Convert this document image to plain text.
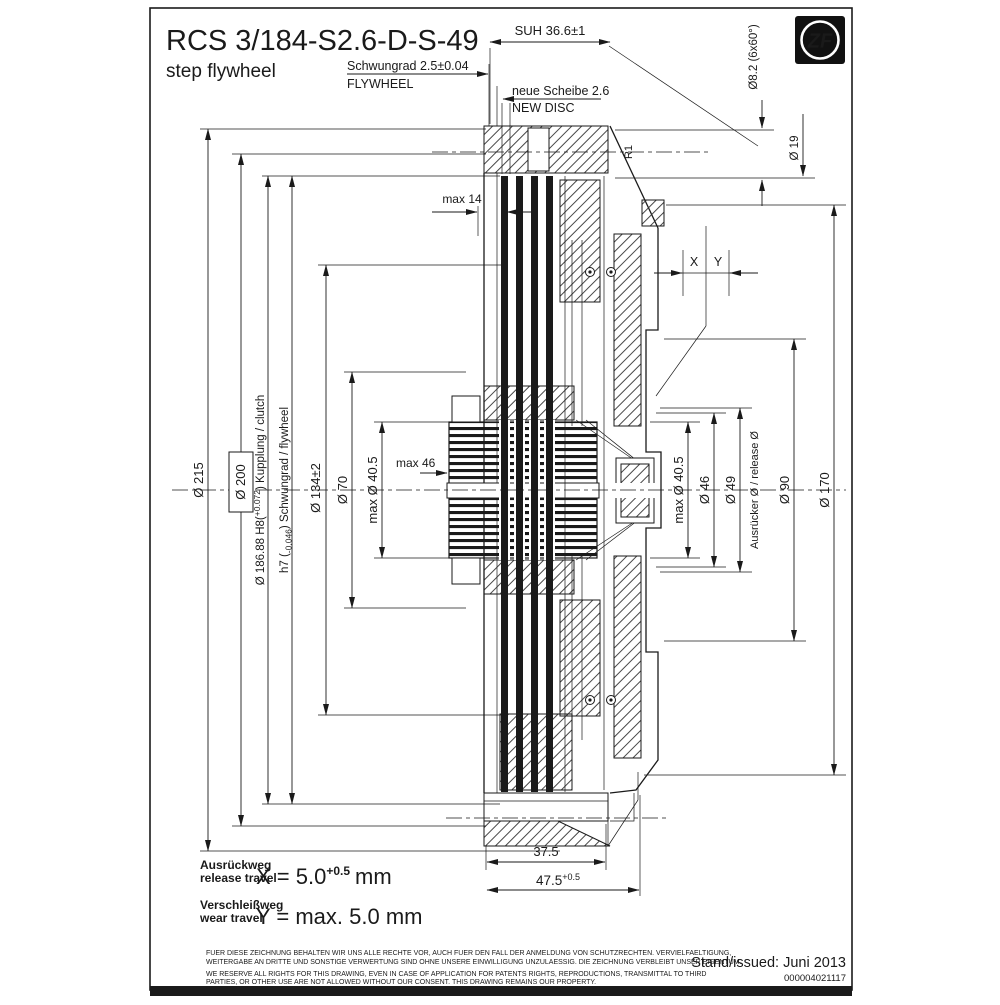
RCS 3/184-S2.6-D-S-49
step flywheel
ZF
Ø 215 Ø 200
Ø 186.88 H8($^{+0.072}$) Kupplung / clutch
h7 $(_{-0.046})$ Schwungrad / flywheel Ø 134±2 Ø 70 max Ø 40.5	max Ø 40.5 Ø 46 Ø 49 Ausrücker Ø / release Ø Ø 90 Ø 170
Ø8.2 (6x60°)
Ø 19
R1
SUH 36.6±1
Schwungrad 2.5±0.04
FLYWHEEL	neue Scheibe 2.6
NEW DISC
max 14
max 46
X Y
37.5
$47.5^{+0.5}$
Ausrückweg
release travel
$X = 5.0^{+0.5}$ mm
Verschleißweg
wear travel
Y = max. 5.0 mm
FUER DIESE ZEICHNUNG BEHALTEN WIR UNS ALLE RECHTE VOR, AUCH FUER DEN FALL DER ANMELDUNG VON SCHUTZRECHTEN. VERVIELFAELTIGUNG,
WEITERGABE AN DRITTE UND SONSTIGE VERWERTUNG SIND OHNE UNSERE EINWILLIGUNG UNZULAESSIG. DIE ZEICHNUNG VERBLEIBT UNSER EIGENTUM.
WE RESERVE ALL RIGHTS FOR THIS DRAWING, EVEN IN CASE OF APPLICATION FOR PATENTS RIGHTS, REPRODUCTIONS, TRANSMITTAL TO THIRD
PARTIES, OR OTHER USE ARE NOT ALLOWED WITHOUT OUR CONSENT. THIS DRAWING REMAINS OUR PROPERTY.
Stand/issued: Juni 2013
000004021117
